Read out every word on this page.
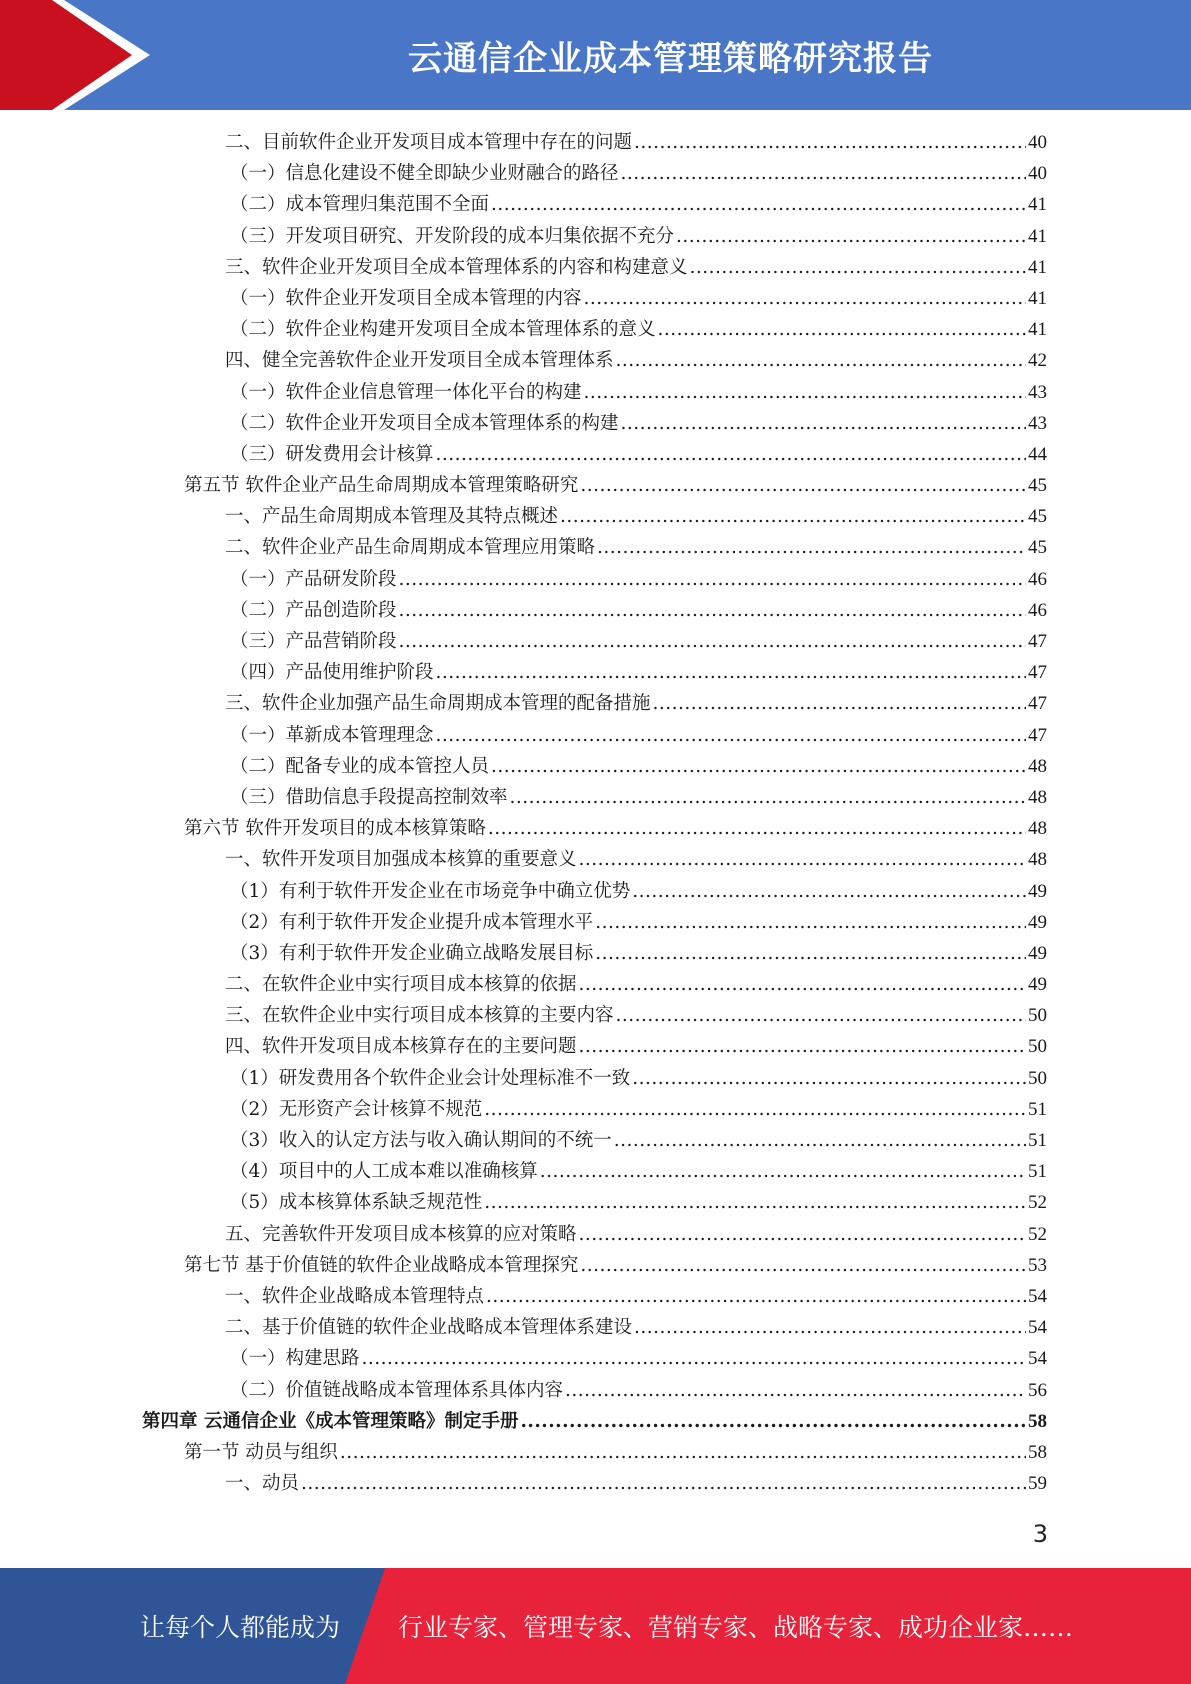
云通信企业成本管理策略研究报告
二、目前软件企业开发项目成本管理中存在的问题 .....	40
（一）信息化建设不健全即缺少业财融合的路径 .....	40
（二）成本管理归集范围不全面 .....	41
（三）开发项目研究、开发阶段的成本归集依据不充分 .....	41
三、软件企业开发项目全成本管理体系的内容和构建意义 .....	41
（一）软件企业开发项目全成本管理的内容 .....	41
（二）软件企业构建开发项目全成本管理体系的意义 .....	41
四、健全完善软件企业开发项目全成本管理体系 .....	42
（一）软件企业信息管理一体化平台的构建 .....	43
（二）软件企业开发项目全成本管理体系的构建 .....	43
（三）研发费用会计核算 .....	44
第五节 软件企业产品生命周期成本管理策略研究 .....	45
一、产品生命周期成本管理及其特点概述 .....	45
二、软件企业产品生命周期成本管理应用策略 .....	45
（一）产品研发阶段 .....	46
（二）产品创造阶段 .....	46
（三）产品营销阶段 .....	47
（四）产品使用维护阶段 .....	47
三、软件企业加强产品生命周期成本管理的配备措施 .....	47
（一）革新成本管理理念 .....	47
（二）配备专业的成本管控人员 .....	48
（三）借助信息手段提高控制效率 .....	48
第六节 软件开发项目的成本核算策略 .....	48
一、软件开发项目加强成本核算的重要意义 .....	48
（1）有利于软件开发企业在市场竞争中确立优势 .....	49
（2）有利于软件开发企业提升成本管理水平 .....	49
（3）有利于软件开发企业确立战略发展目标 .....	49
二、在软件企业中实行项目成本核算的依据 .....	49
三、在软件企业中实行项目成本核算的主要内容 .....	50
四、软件开发项目成本核算存在的主要问题 .....	50
（1）研发费用各个软件企业会计处理标准不一致 .....	50
（2）无形资产会计核算不规范 .....	51
（3）收入的认定方法与收入确认期间的不统一 .....	51
（4）项目中的人工成本难以准确核算 .....	51
（5）成本核算体系缺乏规范性 .....	52
五、完善软件开发项目成本核算的应对策略 .....	52
第七节 基于价值链的软件企业战略成本管理探究 .....	53
一、软件企业战略成本管理特点 .....	54
二、基于价值链的软件企业战略成本管理体系建设 .....	54
（一）构建思路 .....	54
（二）价值链战略成本管理体系具体内容 .....	56
第四章 云通信企业《成本管理策略》制定手册 .....	58
第一节 动员与组织 .....	58
一、动员 .....	59
3
让每个人都能成为 行业专家、管理专家、营销专家、战略专家、成功企业家……
